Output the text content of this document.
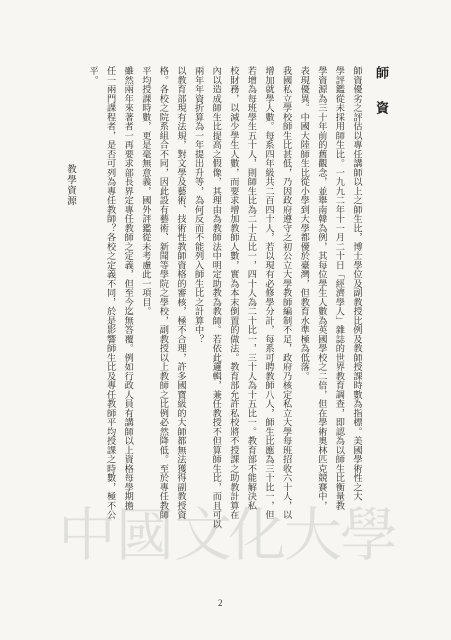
師資
師資優劣之評估以專任講師以上之師生比，博士學位及副教授比例及教師授課時數為指標。美國學術性之大
學評鑑從未採用師生比。一九九二年十一月二十日「經濟學人」雜誌的世界教育調查，即認為以師生比衡量教
學資源為三十年前的舊觀念，並舉南韓為例，其每位學生人數為英國學校之二倍，但在學術奧林匹克競賽中，
表現優異。中國大陸師生比從小學到大學都優於臺灣，但教育水準極為低落。
我國私立學校師生比甚低，乃因政府遵守之初公立大學教師編制不足，政府乃核定私立大學每班招收六十人，以
增加就學人數。每系四年級共二百四十人，若以現有必修學分計，每系可聘教師八人，師生比應為三十比一，但
若增為每班學生五十人，則師生比為二十五比一，四十人為二十比一，三十人為十五比一。教育部不能解決私
校財務，以減少學生人數，而要求增加教師人數，實為本末倒置的做法。教育部允許私校將不授課之助教計算在
內以造成師生比提高之假像，其理由為教師法中明定助教為教師。若依此邏輯，兼任教授不但算師生比，而且可以
兩年年資折算為一年提出升等，為何反而不能列入師生比之計算中？
以教育部現有法規，對文學及藝術、技術性教師資格的審核，極不合理，許多國寶級的大師都無法獲得副教授資
格。各校之院系組合不同，因此設有藝術、新聞等學院之學校，副教授以上教師之比例必然降低。至於專任教師
平均授課時數，更是毫無意義，國外評鑑從未考慮此一項目。
雖然兩年來著者一再要求部長界定專任教師之定義，但至今迄無答覆。例如行政人員有講師以上資格每學期擔
任一兩門課程者，是否可列為專任教師？各校之定義不同，於是影響師生比及專任教師平均授課之時數，極不公
平。
教學資源
中 國 文
化
大
學
2
